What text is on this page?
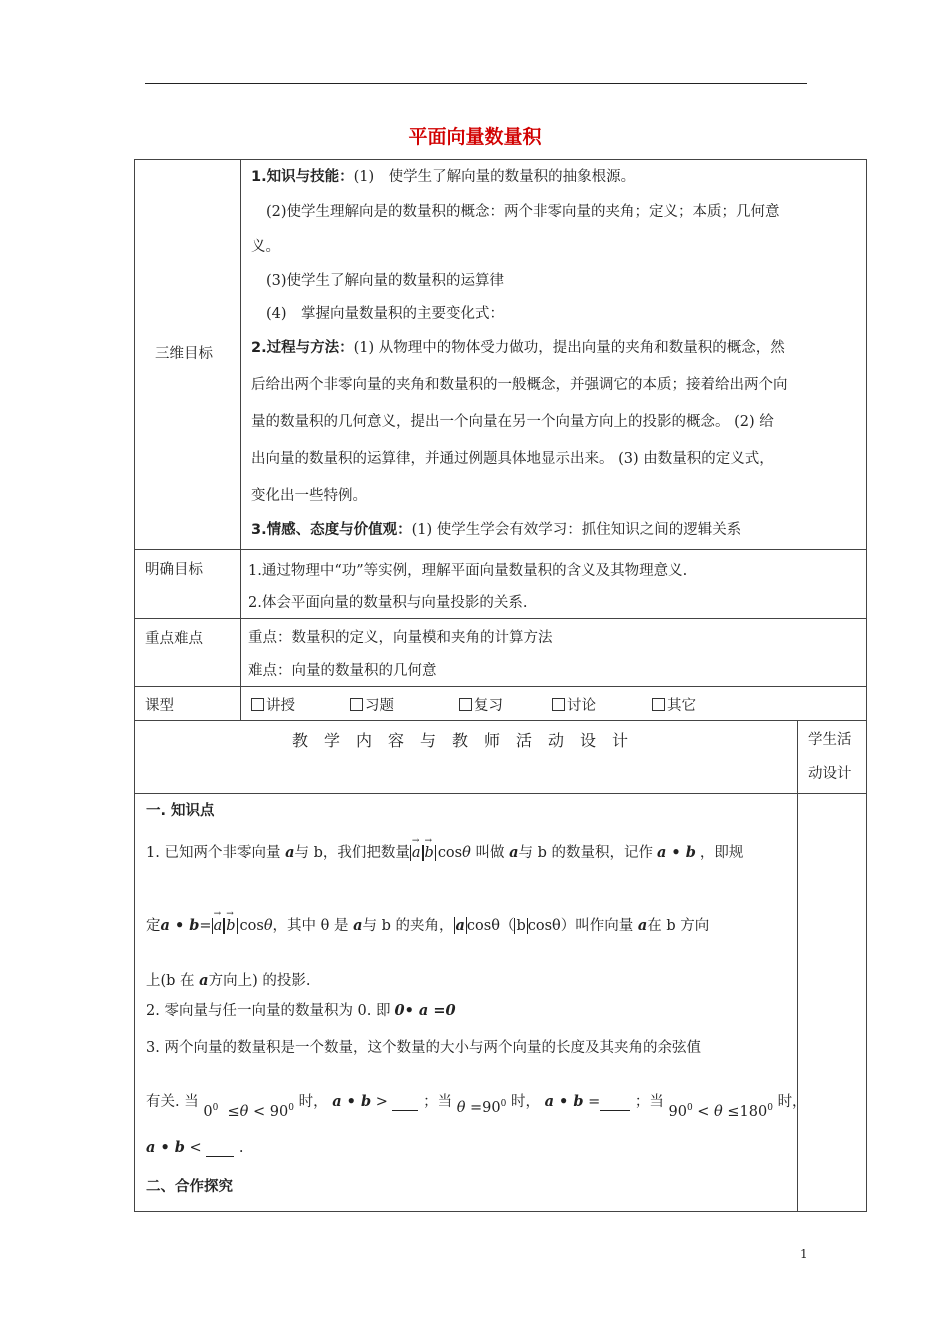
平面向量数量积
三维目标
1.知识与技能：(1)　使学生了解向量的数量积的抽象根源。
(2)使学生理解向是的数量积的概念：两个非零向量的夹角；定义；本质；几何意
义。
(3)使学生了解向量的数量积的运算律
(4)　掌握向量数量积的主要变化式：
2.过程与方法：(1) 从物理中的物体受力做功，提出向量的夹角和数量积的概念，然
后给出两个非零向量的夹角和数量积的一般概念，并强调它的本质；接着给出两个向
量的数量积的几何意义，提出一个向量在另一个向量方向上的投影的概念。 (2) 给
出向量的数量积的运算律，并通过例题具体地显示出来。 (3) 由数量积的定义式，
变化出一些特例。
3.情感、态度与价值观：(1) 使学生学会有效学习：抓住知识之间的逻辑关系
明确目标	1.通过物理中“功”等实例，理解平面向量数量积的含义及其物理意义.
2.体会平面向量的数量积与向量投影的关系.
重点难点	重点：数量积的定义，向量模和夹角的计算方法
难点：向量的数量积的几何意
课型	讲授	习题	复习	讨论	其它
教　学　内　容　与　教　师　活　动　设　计	学生活
动设计
一. 知识点
1. 已知两个非零向量 a与 b，我们把数量 → a → b cosθ 叫做 a与 b 的数量积，记作 a • b ，即规
定a • b= → a → b cosθ，其中 θ 是 a与 b 的夹角， a cosθ（ b cosθ）叫作向量 a在 b 方向
上(b 在 a方向上) 的投影.
2. 零向量与任一向量的数量积为 0. 即 0• a =0
3. 两个向量的数量积是一个数量，这个数量的大小与两个向量的长度及其夹角的余弦值
有关. 当 $0^0 \le\theta < 90^0$ 时， a • b >   ；当 $\theta =90^0$ 时， a • b = ；当 $90^0 < \theta \le 180^0$ 时，
a • b <   .
二、合作探究
1
